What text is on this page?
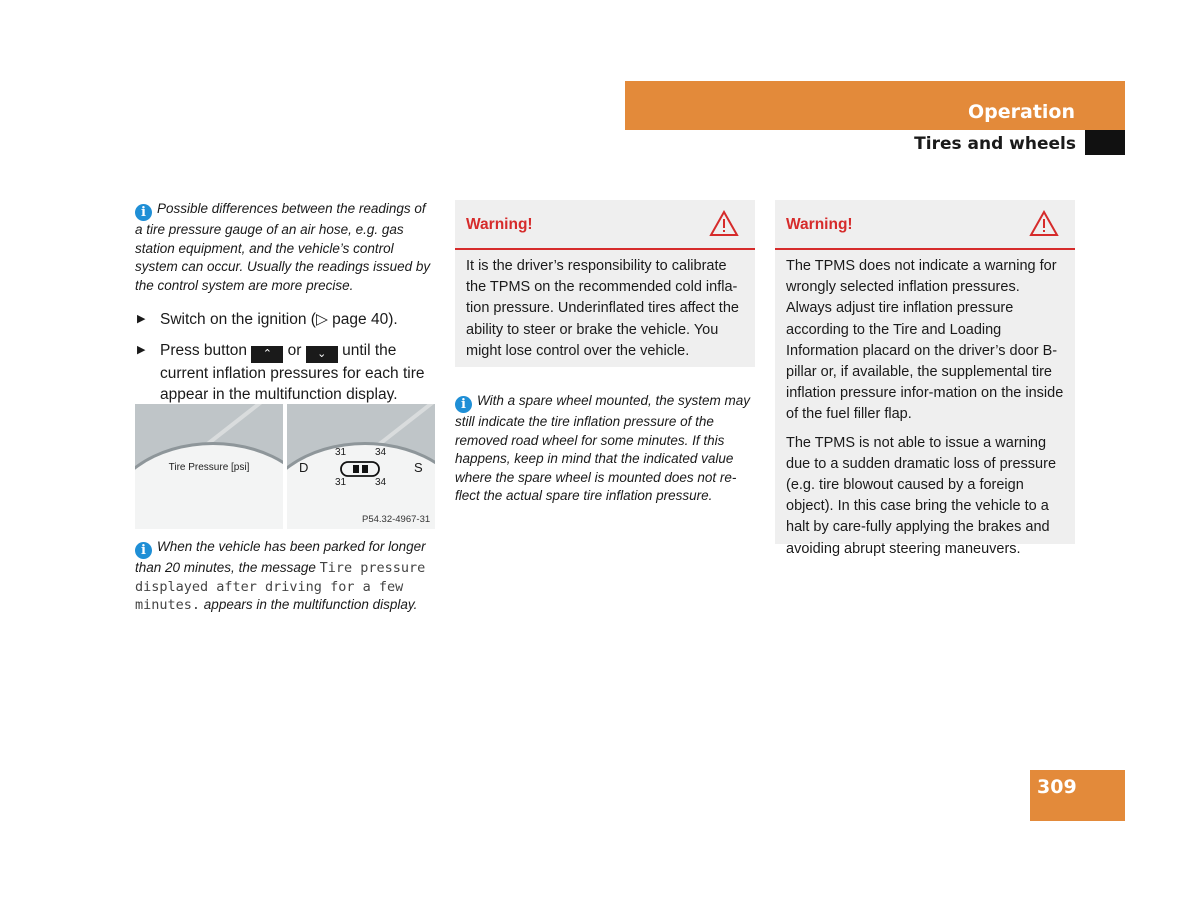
Operation
Tires and wheels
i Possible differences between the readings of a tire pressure gauge of an air hose, e.g. gas station equipment, and the vehicle’s control system can occur. Usually the readings issued by the control system are more precise.
▶ Switch on the ignition (▷ page 40).
▶ Press button ⌃ or ⌄ until the current inflation pressures for each tire appear in the multifunction display.
Tire Pressure [psi]
31	34
D	S
31	34
P54.32-4967-31
i When the vehicle has been parked for longer than 20 minutes, the message Tire pressure displayed after driving for a few minutes. appears in the multifunction display.
Warning!

It is the driver’s responsibility to calibrate the TPMS on the recommended cold infla-tion pressure. Underinflated tires affect the ability to steer or brake the vehicle. You might lose control over the vehicle.

i With a spare wheel mounted, the system may still indicate the tire inflation pressure of the removed road wheel for some minutes. If this happens, keep in mind that the indicated value where the spare wheel is mounted does not re-flect the actual spare tire inflation pressure.
Warning!

The TPMS does not indicate a warning for wrongly selected inflation pressures. Always adjust tire inflation pressure according to the Tire and Loading Information placard on the driver’s door B-pillar or, if available, the supplemental tire inflation pressure infor-mation on the inside of the fuel filler flap.

The TPMS is not able to issue a warning due to a sudden dramatic loss of pressure (e.g. tire blowout caused by a foreign object). In this case bring the vehicle to a halt by care-fully applying the brakes and avoiding abrupt steering maneuvers.

309
